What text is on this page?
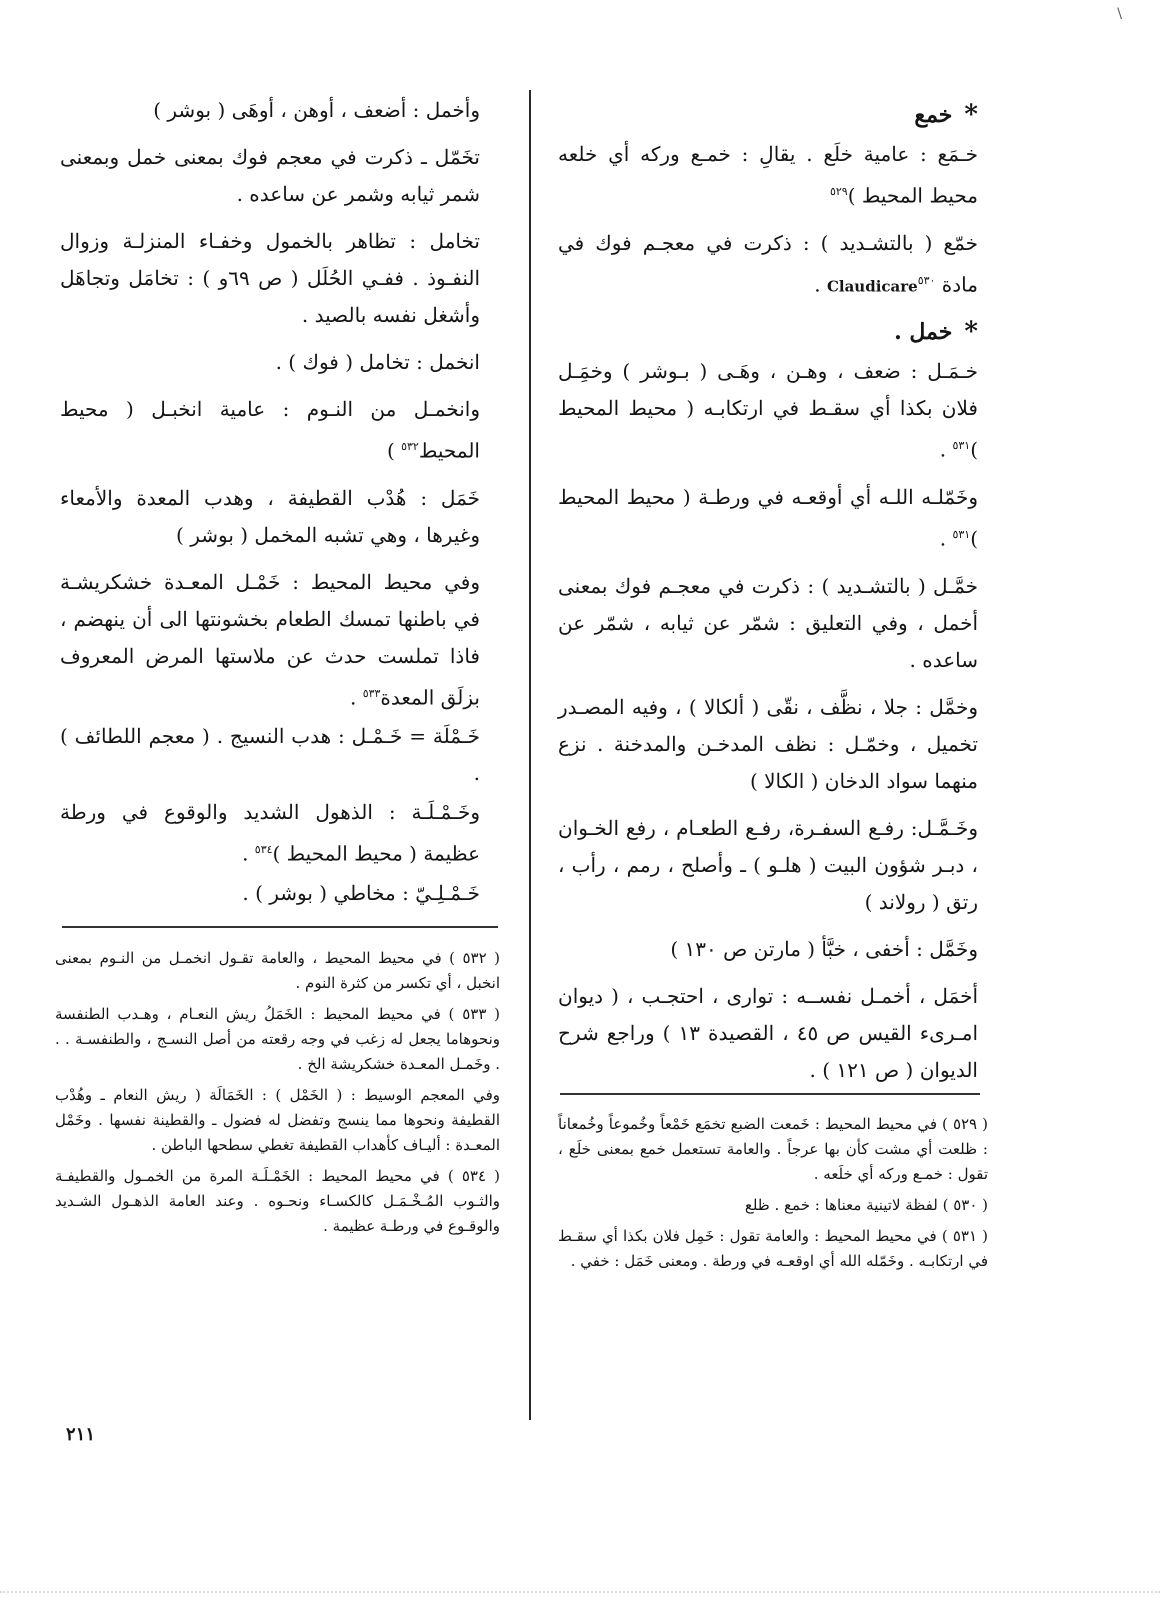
\
*
خمع

خـمَع : عامية خلَع . يقالِ : خمـع وركه أي خلعه محيط المحيط )$^{٥٢٩}$

خمّع ( بالتشـديد ) : ذكرت في معجـم فوك في مادة Claudicare$^{٥٣٠}$ .

*
خمل .

خـمَـل : ضعف ، وهـن ، وهَـى ( بـوشر ) وخمَِـل فلان بكذا أي سقـط في ارتكابـه ( محيط المحيط )$^{٥٣١}$ .

وخَمّلـه اللـه أي أوقعـه في ورطـة ( محيط المحيط )$^{٥٣١}$ .

خمَّـل ( بالتشـديد ) : ذكرت في معجـم فوك بمعنى أخمل ، وفي التعليق : شمّر عن ثيابه ، شمّر عن ساعده .

وخمَّل : جلا ، نظَّف ، نقّى ( ألكالا ) ، وفيه المصـدر تخميل ، وخمّـل : نظف المدخـن والمدخنة . نزع منهما سواد الدخان ( الكالا )

وخَـمَّـل: رفـع السفـرة، رفـع الطعـام ، رفع الخـوان ، دبـر شؤون البيت ( هلـو ) ـ وأصلح ، رمم ، رأب ، رتق ( رولاند )

وخَمَّل : أخفى ، خبَّأ ( مارتن ص ١٣٠ )

أخمَل ، أخمـل نفســه : توارى ، احتجـب ، ( ديوان امـرىء القيس ص ٤٥ ، القصيدة ١٣ ) وراجع شرح الديوان ( ص ١٢١ ) .

وأخمل : أضعف ، أوهن ، أوهَى ( بوشر )

تخَمّل ـ ذكرت في معجم فوك بمعنى خمل وبمعنى شمر ثيابه وشمر عن ساعده .

تخامل : تظاهر بالخمول وخفـاء المنزلـة وزوال النفـوذ . ففـي الحُلَل ( ص ٦٩و ) : تخامَل وتجاهَل وأشغل نفسه بالصيد .

انخمل : تخامل ( فوك ) .

وانخمـل من النـوم : عامية انخبـل ( محيط المحيط$^{٥٣٢}$ )

خَمَل : هُدْب القطيفة ، وهدب المعدة والأمعاء وغيرها ، وهي تشبه المخمل ( بوشر )

وفي محيط المحيط : خَمْـل المعـدة خشكريشـة في باطنها تمسك الطعام بخشونتها الى أن ينهضم ، فاذا تملست حدث عن ملاستها المرض المعروف بزلَق المعدة$^{٥٣٣}$ .

خَـمْلَة = خَـمْـل : هدب النسيج . ( معجم اللطائف ) .

وخَـمْـلَـة : الذهول الشديد والوقوع في ورطة عظيمة ( محيط المحيط )$^{٥٣٤}$ .

خَـمْـلِـيّ : مخاطي ( بوشر ) .

( ٥٢٩ ) في محيط المحيط : خَمعت الضبع تخمَع خَمْعاً وخُموعاً وخُمعاناً : ظلعت أي مشت كأن بها عرجاً . والعامة تستعمل خمع بمعنى خلَع ، تقول : خمـع وركه أي خلَعه .

( ٥٣٠ ) لفظة لاتينية معناها : خمع . ظلع

( ٥٣١ ) في محيط المحيط : والعامة تقول : خَمِل فلان بكذا أي سقـط في ارتكابـه . وخَمّله الله أي اوقعـه في ورطة . ومعنى خَمَل : خفي .

( ٥٣٢ ) في محيط المحيط ، والعامة تقـول انخمـل من النـوم بمعنى انخبل ، أي تكسر من كثرة النوم .

( ٥٣٣ ) في محيط المحيط : الخَمَلُ ريش النعـام ، وهـدب الطنفسة ونحوهاما يجعل له زغب في وجه رقعته من أصل النسـج ، والطنفسـة . . . وخَمـل المعـدة خشكريشة الخ .

وفي المعجم الوسيط : ( الخَمْل ) : الخَمَالَة ( ريش النعام ـ وهُدْب القطيفة ونحوها مما ينسج وتفضل له فضول ـ والقطينة نفسها . وخَمْل المعـدة : أليـاف كأهداب القطيفة تغطي سطحها الباطن .

( ٥٣٤ ) في محيط المحيط : الخَمْـلَـة المرة من الخمـول والقطيفـة والثـوب المُـخْـمَـل كالكسـاء ونحـوه . وعند العامة الذهـول الشـديد والوقـوع في ورطـة عظيمة .

٢١١
